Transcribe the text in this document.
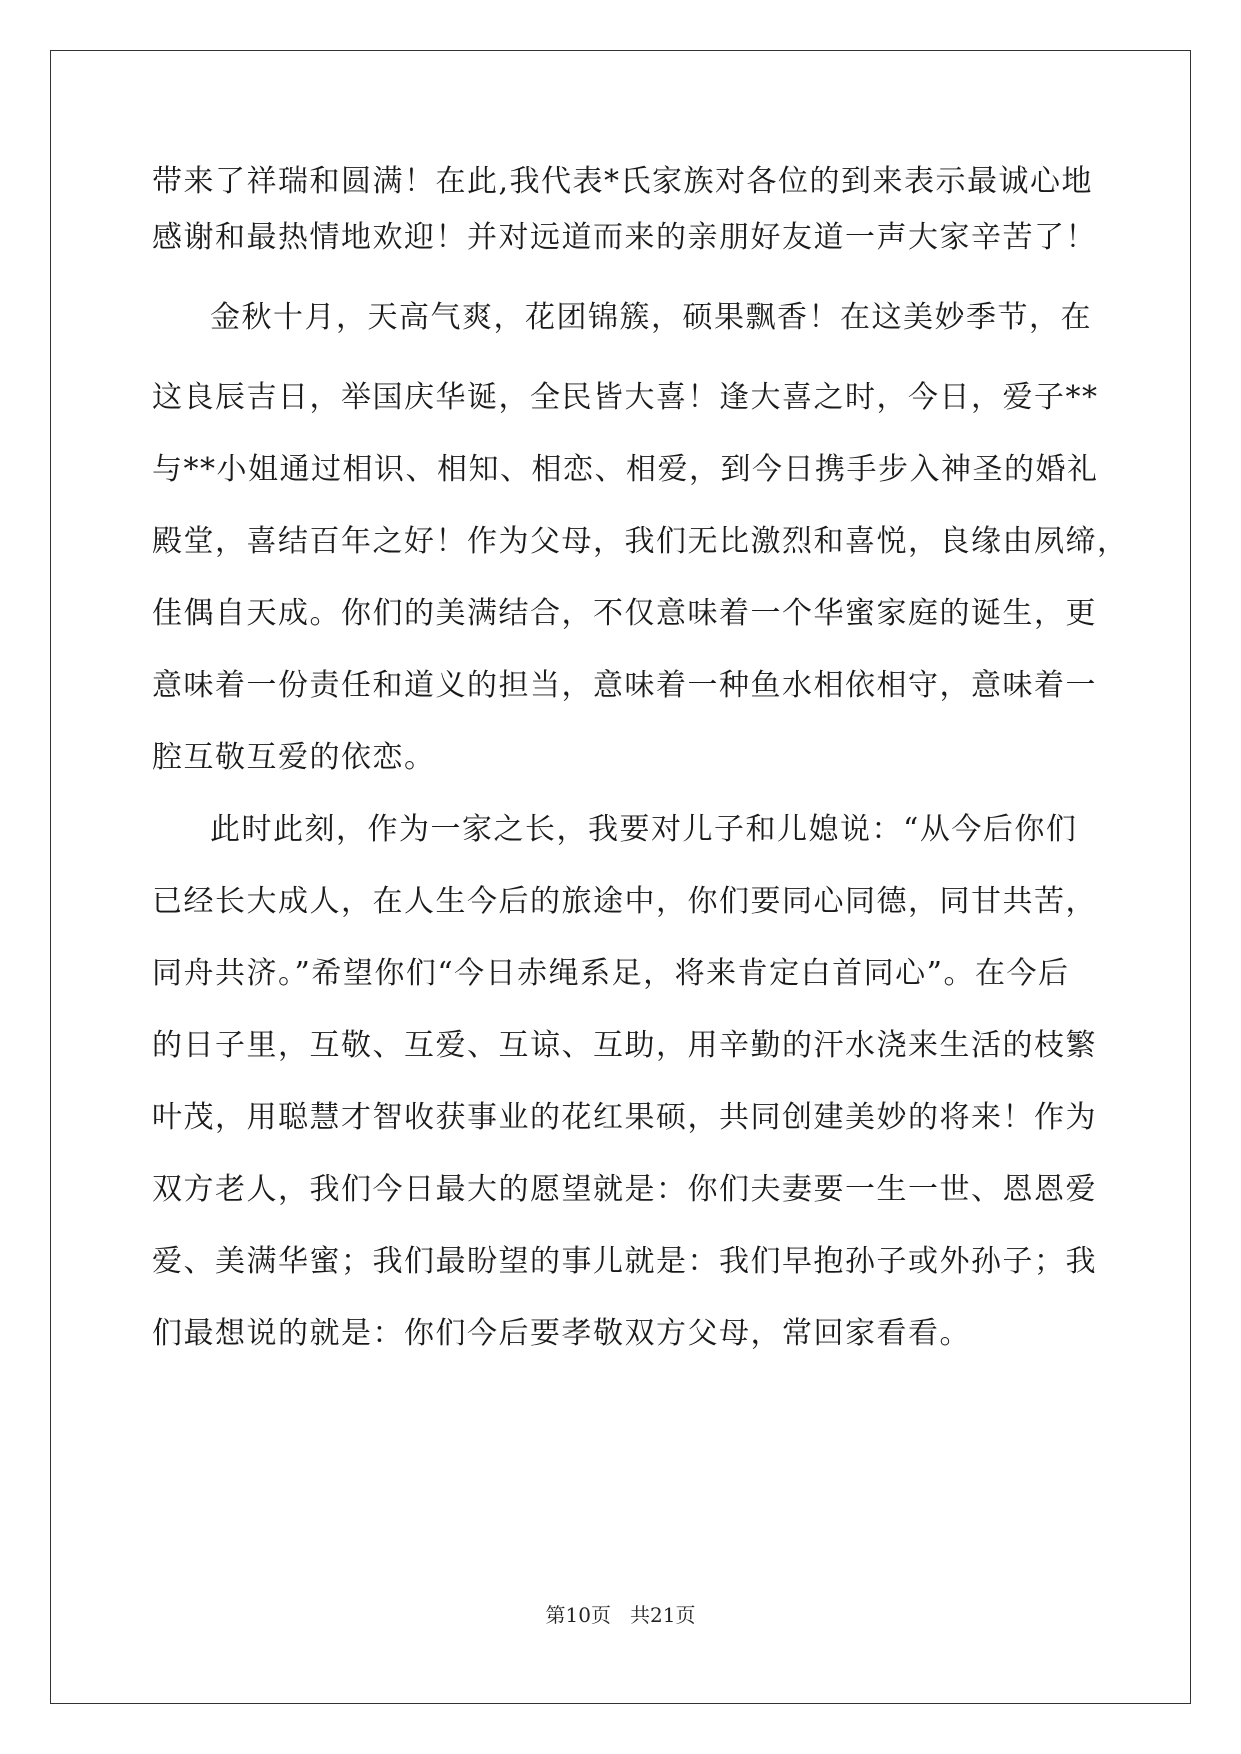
带来了祥瑞和圆满！在此,我代表*氏家族对各位的到来表示最诚心地
感谢和最热情地欢迎！并对远道而来的亲朋好友道一声大家辛苦了！
金秋十月，天高气爽，花团锦簇，硕果飘香！在这美妙季节，在
这良辰吉日，举国庆华诞，全民皆大喜！逢大喜之时，今日，爱子**
与**小姐通过相识、相知、相恋、相爱，到今日携手步入神圣的婚礼
殿堂，喜结百年之好！作为父母，我们无比激烈和喜悦，良缘由夙缔，
佳偶自天成。你们的美满结合，不仅意味着一个华蜜家庭的诞生，更
意味着一份责任和道义的担当，意味着一种鱼水相依相守，意味着一
腔互敬互爱的依恋。
此时此刻，作为一家之长，我要对儿子和儿媳说：“从今后你们
已经长大成人，在人生今后的旅途中，你们要同心同德，同甘共苦，
同舟共济。”希望你们“今日赤绳系足，将来肯定白首同心”。在今后
的日子里，互敬、互爱、互谅、互助，用辛勤的汗水浇来生活的枝繁
叶茂，用聪慧才智收获事业的花红果硕，共同创建美妙的将来！作为
双方老人，我们今日最大的愿望就是：你们夫妻要一生一世、恩恩爱
爱、美满华蜜；我们最盼望的事儿就是：我们早抱孙子或外孙子；我
们最想说的就是：你们今后要孝敬双方父母，常回家看看。
第10页 共21页
